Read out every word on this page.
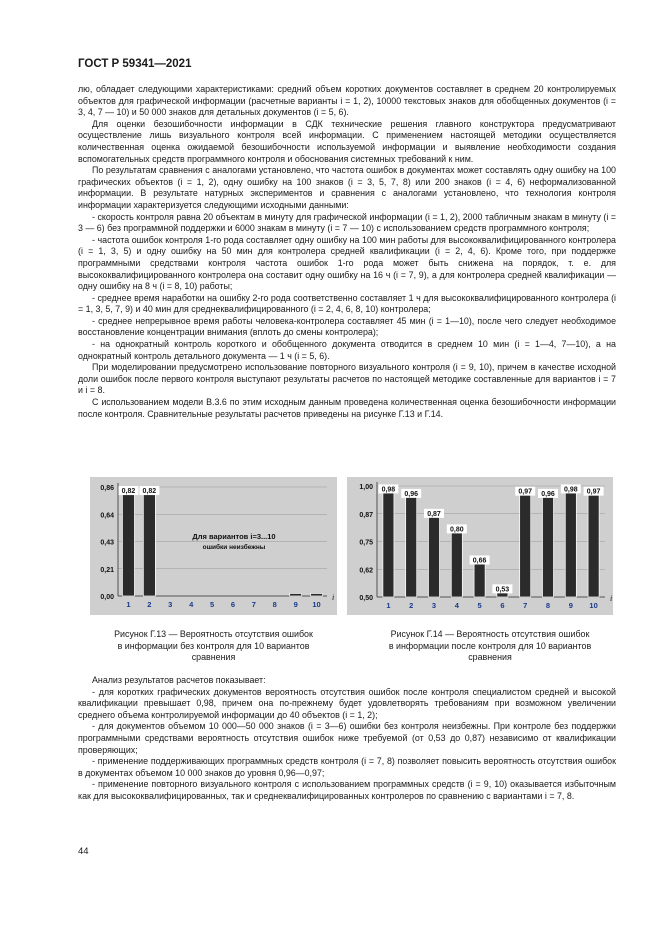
ГОСТ Р 59341—2021

лю, обладает следующими характеристиками: средний объем коротких документов составляет в среднем 20 контролируемых объектов для графической информации (расчетные варианты i = 1, 2), 10000 текстовых знаков для обобщенных документов (i = 3, 4, 7 — 10) и 50 000 знаков для детальных документов (i = 5, 6).

Для оценки безошибочности информации в СДК технические решения главного конструктора предусматривают осуществление лишь визуального контроля всей информации. С применением настоящей методики осуществляется количественная оценка ожидаемой безошибочности используемой информации и выявление необходимости создания вспомогательных средств программного контроля и обоснования системных требований к ним.

По результатам сравнения с аналогами установлено, что частота ошибок в документах может составлять одну ошибку на 100 графических объектов (i = 1, 2), одну ошибку на 100 знаков (i = 3, 5, 7, 8) или 200 знаков (i = 4, 6) неформализованной информации. В результате натурных экспериментов и сравнения с аналогами установлено, что технология контроля информации характеризуется следующими исходными данными:

- скорость контроля равна 20 объектам в минуту для графической информации (i = 1, 2), 2000 табличным знакам в минуту (i = 3 — 6) без программной поддержки и 6000 знакам в минуту (i = 7 — 10) с использованием средств программного контроля;

- частота ошибок контроля 1-го рода составляет одну ошибку на 100 мин работы для высококвалифицированного контролера (i = 1, 3, 5) и одну ошибку на 50 мин для контролера средней квалификации (i = 2, 4, 6). Кроме того, при поддержке программными средствами контроля частота ошибок 1-го рода может быть снижена на порядок, т. е. для высококвалифицированного контролера она составит одну ошибку на 16 ч (i = 7, 9), а для контролера средней квалификации — одну ошибку на 8 ч (i = 8, 10) работы;

- среднее время наработки на ошибку 2-го рода соответственно составляет 1 ч для высококвалифицированного контролера (i = 1, 3, 5, 7, 9) и 40 мин для среднеквалифицированного (i = 2, 4, 6, 8, 10) контролера;

- среднее непрерывное время работы человека-контролера составляет 45 мин (i = 1—10), после чего следует необходимое восстановление концентрации внимания (вплоть до смены контролера);

- на однократный контроль короткого и обобщенного документа отводится в среднем 10 мин (i = 1—4, 7—10), а на однократный контроль детального документа — 1 ч (i = 5, 6).

При моделировании предусмотрено использование повторного визуального контроля (i = 9, 10), причем в качестве исходной доли ошибок после первого контроля выступают результаты расчетов по настоящей методике составленные для вариантов i = 7 и i = 8.

С использованием модели В.3.6 по этим исходным данным проведена количественная оценка безошибочности информации после контроля. Сравнительные результаты расчетов приведены на рисунке Г.13 и Г.14.

0,00
0,21
0,43
0,64
0,86
1
0,82
2
0,82
3 4 5 6 7 8 9 10
i
Для вариантов i=3...10
ошибки неизбежны
0,50
0,62
0,75
0,87
1,00
1
0,98
2
0,96
3
0,87
4
0,80
5
0,66
6
0,53
7
0,97
8
0,96
9
0,98
10
0,97
i
Рисунок Г.13 — Вероятность отсутствия ошибок
в информации без контроля для 10 вариантов
сравнения
Рисунок Г.14 — Вероятность отсутствия ошибок
в информации после контроля для 10 вариантов
сравнения

Анализ результатов расчетов показывает:

- для коротких графических документов вероятность отсутствия ошибок после контроля специалистом средней и высокой квалификации превышает 0,98, причем она по-прежнему будет удовлетворять требованиям при возможном увеличении среднего объема контролируемой информации до 40 объектов (i = 1, 2);

- для документов объемом 10 000—50 000 знаков (i = 3—6) ошибки без контроля неизбежны. При контроле без поддержки программными средствами вероятность отсутствия ошибок ниже требуемой (от 0,53 до 0,87) независимо от квалификации проверяющих;

- применение поддерживающих программных средств контроля (i = 7, 8) позволяет повысить вероятность отсутствия ошибок в документах объемом 10 000 знаков до уровня 0,96—0,97;

- применение повторного визуального контроля с использованием программных средств (i = 9, 10) оказывается избыточным как для высококвалифицированных, так и среднеквалифицированных контролеров по сравнению с вариантами i = 7, 8.

44
